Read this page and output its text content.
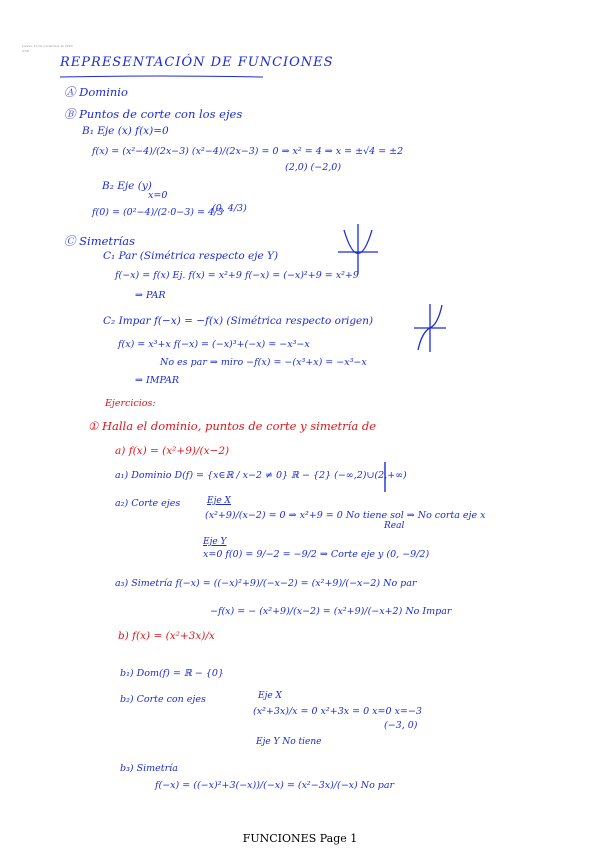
Jueves, 13 de noviembre de 2020
9:58
REPRESENTACIÓN DE FUNCIONES
Ⓐ Dominio
Ⓑ Puntos de corte con los ejes
B₁ Eje (x) f(x)=0
f(x) = (x²−4)/(2x−3) (x²−4)/(2x−3) = 0 ⇒ x² = 4 ⇒ x = ±√4 = ±2
(2,0) (−2,0)
B₂ Eje (y)
x=0
f(0) = (0²−4)/(2·0−3) = 4/3
(0, 4/3)
Ⓒ Simetrías
C₁ Par (Simétrica respecto eje Y)
f(−x) = f(x) Ej. f(x) = x²+9 f(−x) = (−x)²+9 = x²+9
⇒ PAR
C₂ Impar f(−x) = −f(x) (Simétrica respecto origen)
f(x) = x³+x f(−x) = (−x)³+(−x) = −x³−x
No es par ⇒ miro −f(x) = −(x³+x) = −x³−x
⇒ IMPAR
Ejercicios:
① Halla el dominio, puntos de corte y simetría de
a) f(x) = (x²+9)/(x−2)
a₁) Dominio D(f) = {x∈ℝ / x−2 ≠ 0} ℝ − {2} (−∞,2)∪(2,+∞)
a₂) Corte ejes	Eje X
(x²+9)/(x−2) = 0 ⇒ x²+9 = 0 No tiene sol ⇒ No corta eje x
Real
Eje Y
x=0 f(0) = 9/−2 = −9/2 ⇒ Corte eje y (0, −9/2)
a₃) Simetría f(−x) = ((−x)²+9)/(−x−2) = (x²+9)/(−x−2) No par
−f(x) = − (x²+9)/(x−2) = (x²+9)/(−x+2) No Impar
b) f(x) = (x²+3x)/x
b₁) Dom(f) = ℝ − {0}
b₂) Corte con ejes	Eje X
(x²+3x)/x = 0 x²+3x = 0 x=0 x=−3
(−3, 0)
Eje Y No tiene
b₃) Simetría
f(−x) = ((−x)²+3(−x))/(−x) = (x²−3x)/(−x) No par
FUNCIONES Page 1
